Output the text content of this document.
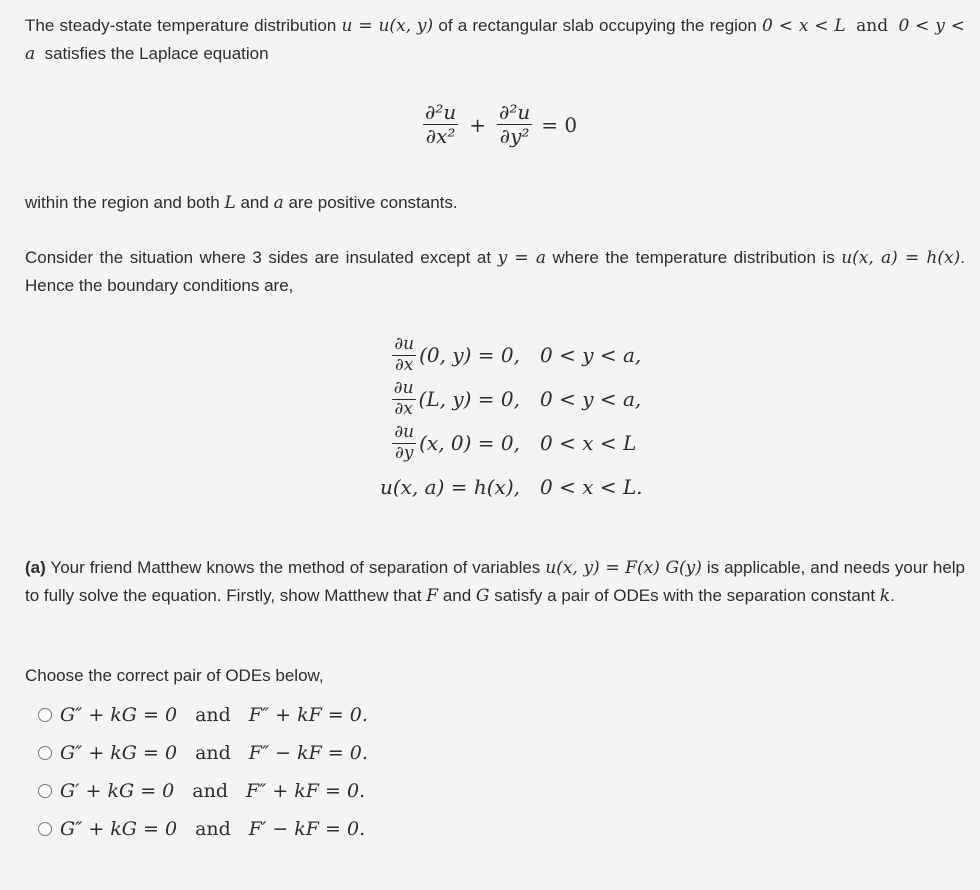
The steady-state temperature distribution u = u(x, y) of a rectangular slab occupying the region 0 < x < L and 0 < y < a satisfies the Laplace equation

$\frac{\text{∂²u}}{\text{∂x²}} + \frac{\text{∂²u}}{\text{∂y²}} = 0$

within the region and both L and a are positive constants.

Consider the situation where 3 sides are insulated except at y = a where the temperature distribution is u(x, a) = h(x). Hence the boundary conditions are,

$\frac{\partial u}{\partial x} (0$, y) = 0, 0 < y < a,
$\frac{\partial u}{\partial x} (L$, y) = 0, 0 < y < a,
$\frac{\partial u}{\partial y} (x$, 0) = 0, 0 < x < L
u(x, a) = h(x), 0 < x < L.

(a) Your friend Matthew knows the method of separation of variables u(x, y) = F(x) G(y) is applicable, and needs your help to fully solve the equation. Firstly, show Matthew that F and G satisfy a pair of ODEs with the separation constant k.

Choose the correct pair of ODEs below,

G″ + kG = 0 and F″ + kF = 0.
G″ + kG = 0 and F″ − kF = 0.
G′ + kG = 0 and F″ + kF = 0.
G″ + kG = 0 and F′ − kF = 0.
